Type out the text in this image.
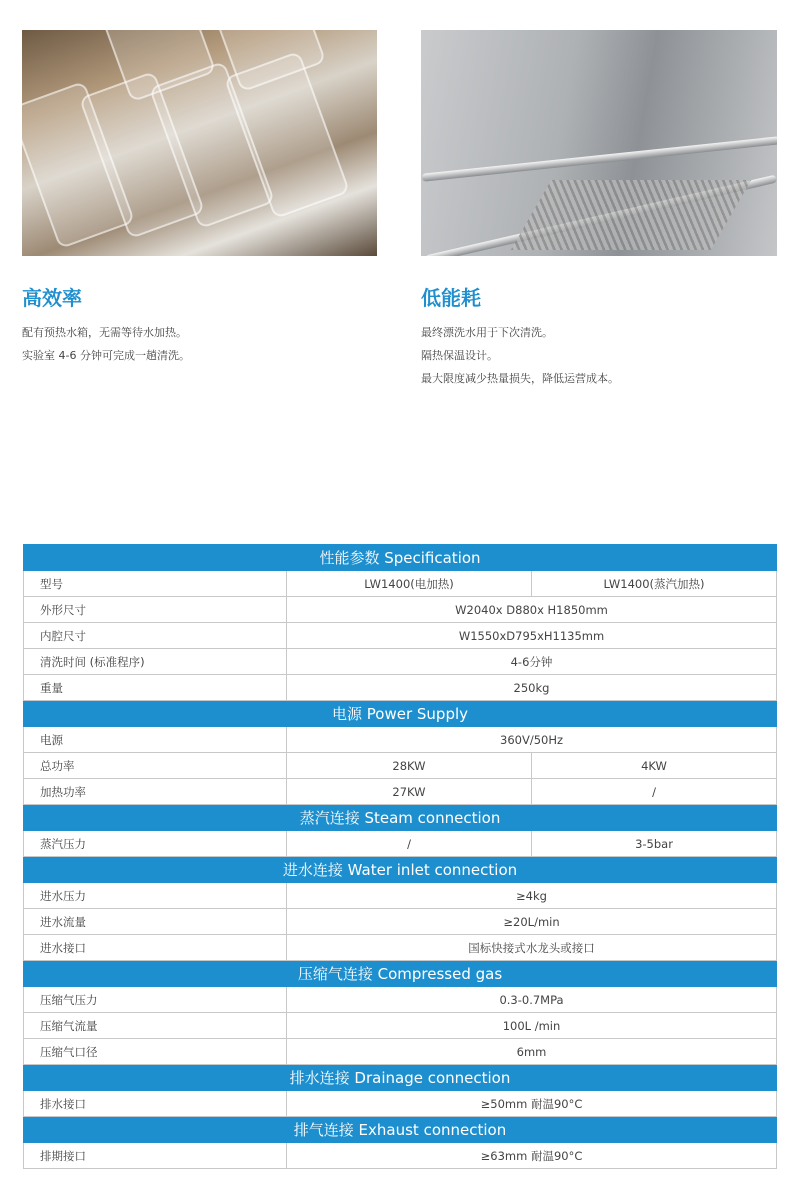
高效率

配有预热水箱，无需等待水加热。

实验室 4-6 分钟可完成一趟清洗。

低能耗

最终漂洗水用于下次清洗。

隔热保温设计。

最大限度减少热量损失，降低运营成本。

性能参数 Specification		
型号	LW1400(电加热)	LW1400(蒸汽加热)
外形尺寸	W2040x D880x H1850mm	
内腔尺寸	W1550xD795xH1135mm	
清洗时间 (标准程序)	4-6分钟	
重量	250kg	
电源 Power Supply		
电源	360V/50Hz	
总功率	28KW	4KW
加热功率	27KW	/
蒸汽连接 Steam connection		
蒸汽压力	/	3-5bar
进水连接 Water inlet connection		
进水压力	≥4kg	
进水流量	≥20L/min	
进水接口	国标快接式水龙头或接口	
压缩气连接 Compressed gas		
压缩气压力	0.3-0.7MPa	
压缩气流量	100L /min	
压缩气口径	6mm	
排水连接 Drainage connection		
排水接口	≥50mm 耐温90°C	
排气连接 Exhaust connection		
排期接口	≥63mm 耐温90°C	
